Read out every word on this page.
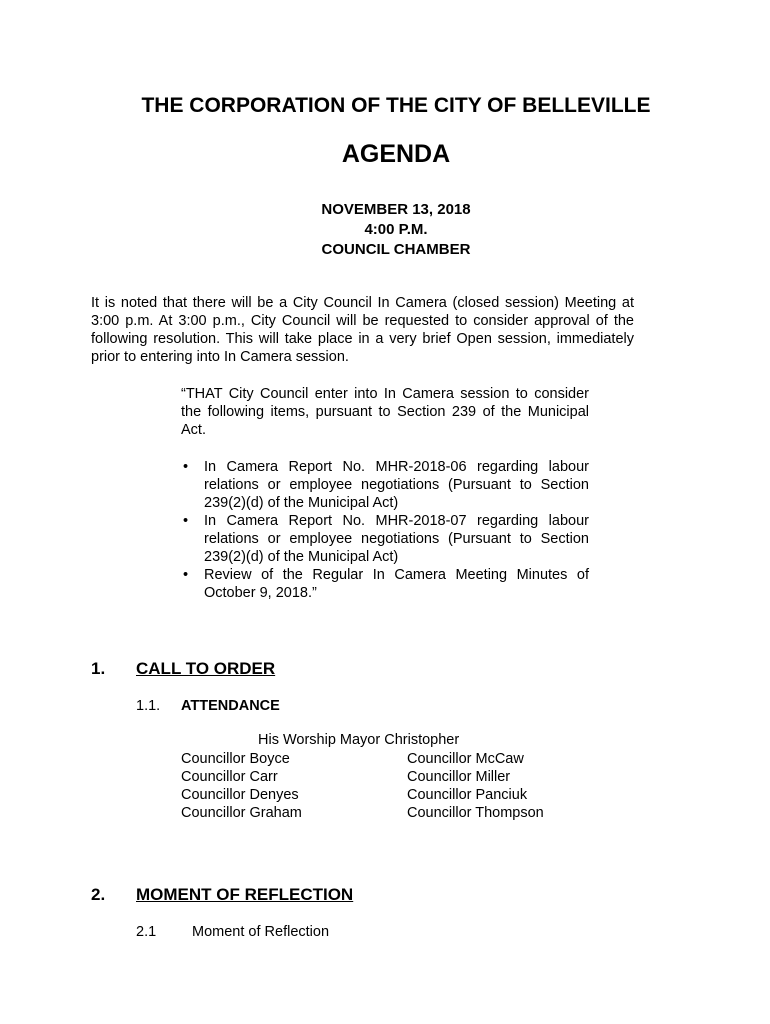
THE CORPORATION OF THE CITY OF BELLEVILLE
AGENDA
NOVEMBER 13, 2018
4:00 P.M.
COUNCIL CHAMBER
It is noted that there will be a City Council In Camera (closed session) Meeting at 3:00 p.m. At 3:00 p.m., City Council will be requested to consider approval of the following resolution. This will take place in a very brief Open session, immediately prior to entering into In Camera session.
“THAT City Council enter into In Camera session to consider the following items, pursuant to Section 239 of the Municipal Act.
• In Camera Report No. MHR-2018-06 regarding labour relations or employee negotiations (Pursuant to Section 239(2)(d) of the Municipal Act)
• In Camera Report No. MHR-2018-07 regarding labour relations or employee negotiations (Pursuant to Section 239(2)(d) of the Municipal Act)
• Review of the Regular In Camera Meeting Minutes of October 9, 2018.”
1. CALL TO ORDER
1.1. ATTENDANCE
His Worship Mayor Christopher
Councillor Boyce
Councillor Carr
Councillor Denyes
Councillor Graham
Councillor McCaw
Councillor Miller
Councillor Panciuk
Councillor Thompson
2. MOMENT OF REFLECTION
2.1 Moment of Reflection
